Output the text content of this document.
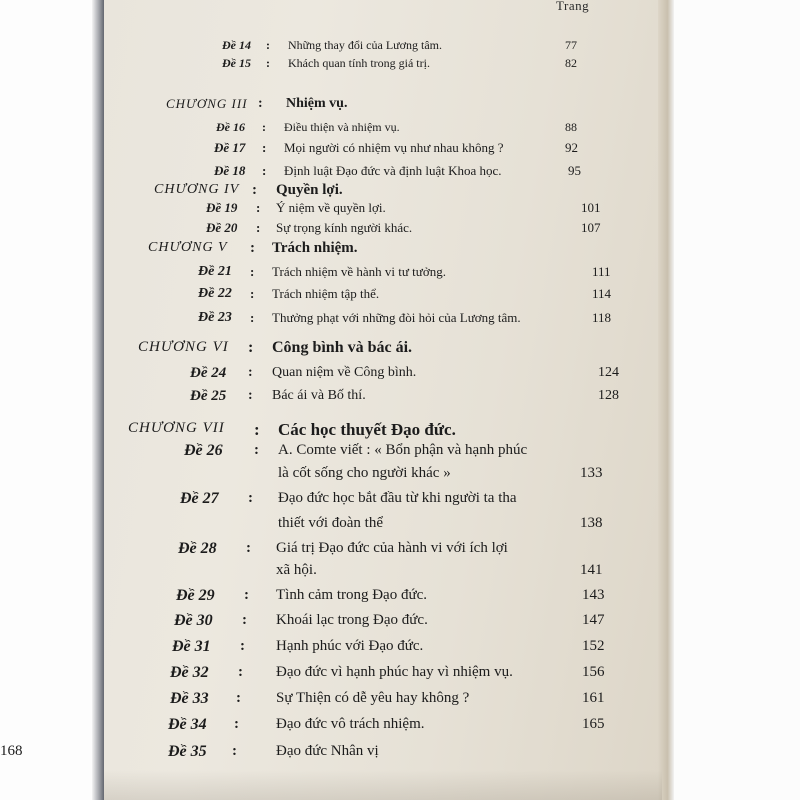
Trang
Đề 14 : Những thay đổi của Lương tâm.	77
Đề 15 : Khách quan tính trong giá trị.	82
CHƯƠNG III : Nhiệm vụ.
Đề 16 : Điều thiện và nhiệm vụ.	88
Đề 17 : Mọi người có nhiệm vụ như nhau không ?	92
Đề 18 : Định luật Đạo đức và định luật Khoa học.	95
CHƯƠNG IV : Quyền lợi.
Đề 19 : Ý niệm về quyền lợi.	101
Đề 20 : Sự trọng kính người khác.	107
CHƯƠNG V : Trách nhiệm.
Đề 21 : Trách nhiệm về hành vi tư tưởng.	111
Đề 22 : Trách nhiệm tập thể.	114
Đề 23 : Thưởng phạt với những đòi hỏi của Lương tâm.	118
CHƯƠNG VI : Công bình và bác ái.
Đề 24 : Quan niệm về Công bình.	124
Đề 25 : Bác ái và Bố thí.	128
CHƯƠNG VII : Các học thuyết Đạo đức.
Đề 26 : A. Comte viết : « Bổn phận và hạnh phúc
là cốt sống cho người khác »	133
Đề 27 : Đạo đức học bắt đầu từ khi người ta tha
thiết với đoàn thể	138
Đề 28 : Giá trị Đạo đức của hành vi với ích lợi
xã hội.	141
Đề 29 : Tình cảm trong Đạo đức.	143
Đề 30 : Khoái lạc trong Đạo đức.	147
Đề 31 : Hạnh phúc với Đạo đức.	152
Đề 32 : Đạo đức vì hạnh phúc hay vì nhiệm vụ.	156
Đề 33 : Sự Thiện có dễ yêu hay không ?	161
Đề 34 : Đạo đức vô trách nhiệm.	165
Đề 35 :	Đạo đức Nhân vị
168
